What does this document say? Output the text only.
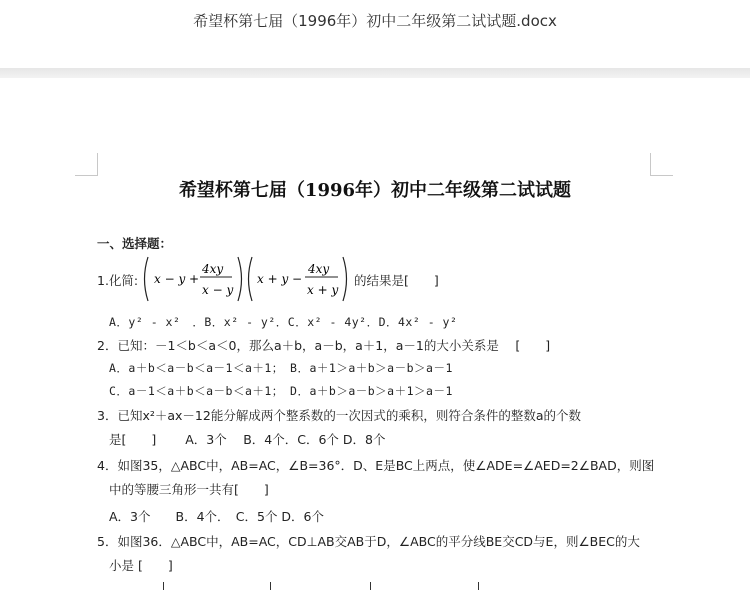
希望杯第七届（1996年）初中二年级第二试试题.docx
希望杯第七届（1996年）初中二年级第二试试题
一、选择题：
1.化简: x − y +
4xy
x − y
x + y −
4xy
x + y
的结果是[　　]
A．y² - x²　．B．x² - y²．C．x² - 4y²．D．4x² - y²
2．已知：－1＜b＜a＜0，那么a＋b，a－b，a＋1，a－1的大小关系是　 [　　]
A．a＋b＜a－b＜a－1＜a＋1；　B．a＋1＞a＋b＞a－b＞a－1
C．a－1＜a＋b＜a－b＜a＋1；　D．a＋b＞a－b＞a＋1＞a－1
3．已知x²＋ax－12能分解成两个整系数的一次因式的乘积，则符合条件的整数a的个数
是[　　]　　 A．3个　 B．4个．C．6个 D．8个
4．如图35，△ABC中，AB=AC，∠B=36°．D、E是BC上两点，使∠ADE=∠AED=2∠BAD，则图
中的等腰三角形一共有[　　]
A．3个　　B．4个．　C．5个 D．6个
5．如图36．△ABC中，AB=AC，CD⊥AB交AB于D，∠ABC的平分线BE交CD与E，则∠BEC的大
小是 [　　]
